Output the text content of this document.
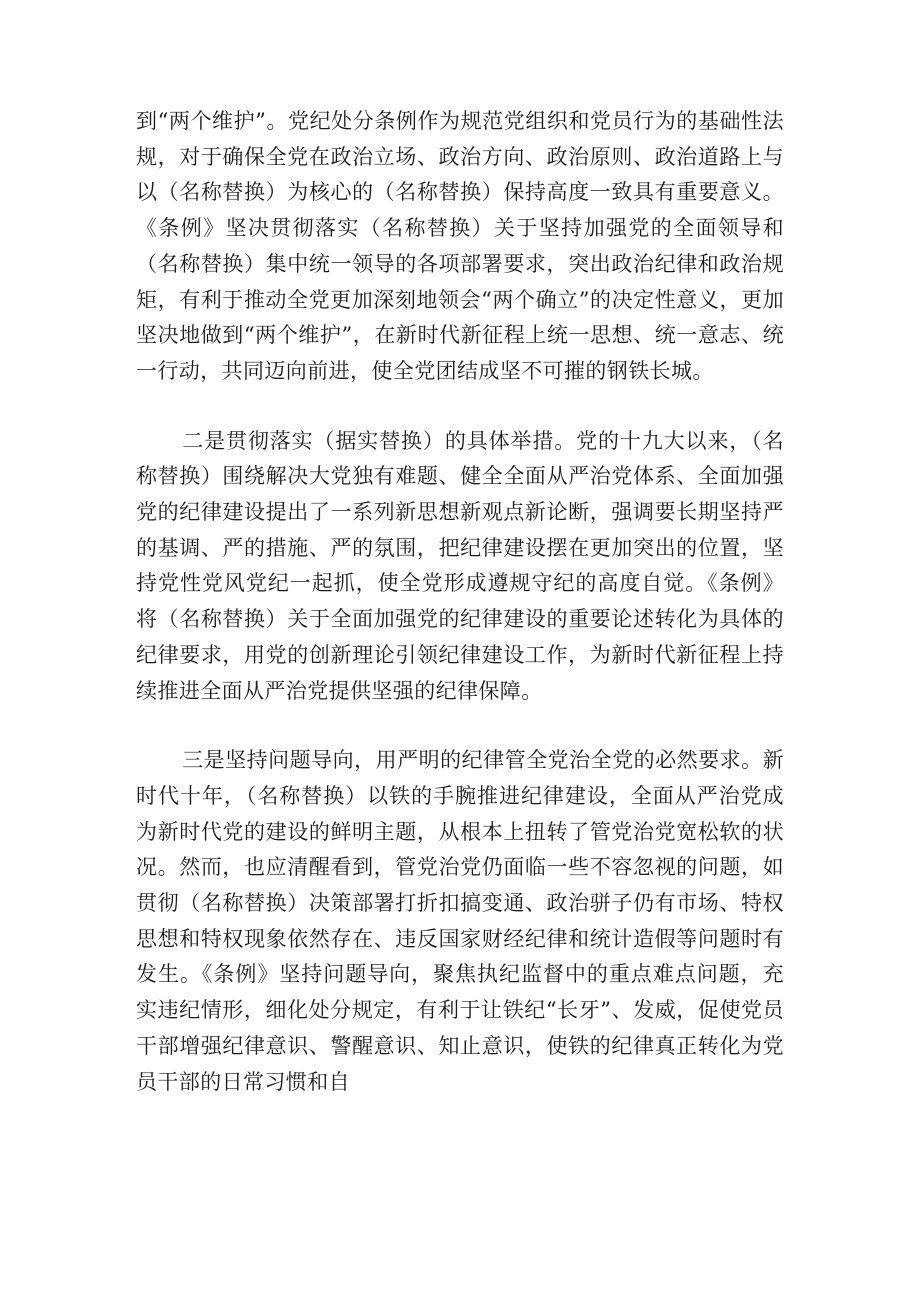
到“两个维护”。党纪处分条例作为规范党组织和党员行为的基础性法规，对于确保全党在政治立场、政治方向、政治原则、政治道路上与以（名称替换）为核心的（名称替换）保持高度一致具有重要意义。《条例》坚决贯彻落实（名称替换）关于坚持加强党的全面领导和（名称替换）集中统一领导的各项部署要求，突出政治纪律和政治规矩，有利于推动全党更加深刻地领会“两个确立”的决定性意义，更加坚决地做到“两个维护”，在新时代新征程上统一思想、统一意志、统一行动，共同迈向前进，使全党团结成坚不可摧的钢铁长城。

二是贯彻落实（据实替换）的具体举措。党的十九大以来，（名称替换）围绕解决大党独有难题、健全全面从严治党体系、全面加强党的纪律建设提出了一系列新思想新观点新论断，强调要长期坚持严的基调、严的措施、严的氛围，把纪律建设摆在更加突出的位置，坚持党性党风党纪一起抓，使全党形成遵规守纪的高度自觉。《条例》将（名称替换）关于全面加强党的纪律建设的重要论述转化为具体的纪律要求，用党的创新理论引领纪律建设工作，为新时代新征程上持续推进全面从严治党提供坚强的纪律保障。

三是坚持问题导向，用严明的纪律管全党治全党的必然要求。新时代十年，（名称替换）以铁的手腕推进纪律建设，全面从严治党成为新时代党的建设的鲜明主题，从根本上扭转了管党治党宽松软的状况。然而，也应清醒看到，管党治党仍面临一些不容忽视的问题，如贯彻（名称替换）决策部署打折扣搞变通、政治骈子仍有市场、特权思想和特权现象依然存在、违反国家财经纪律和统计造假等问题时有发生。《条例》坚持问题导向，聚焦执纪监督中的重点难点问题，充实违纪情形，细化处分规定，有利于让铁纪“长牙”、发威，促使党员干部增强纪律意识、警醒意识、知止意识，使铁的纪律真正转化为党员干部的日常习惯和自
